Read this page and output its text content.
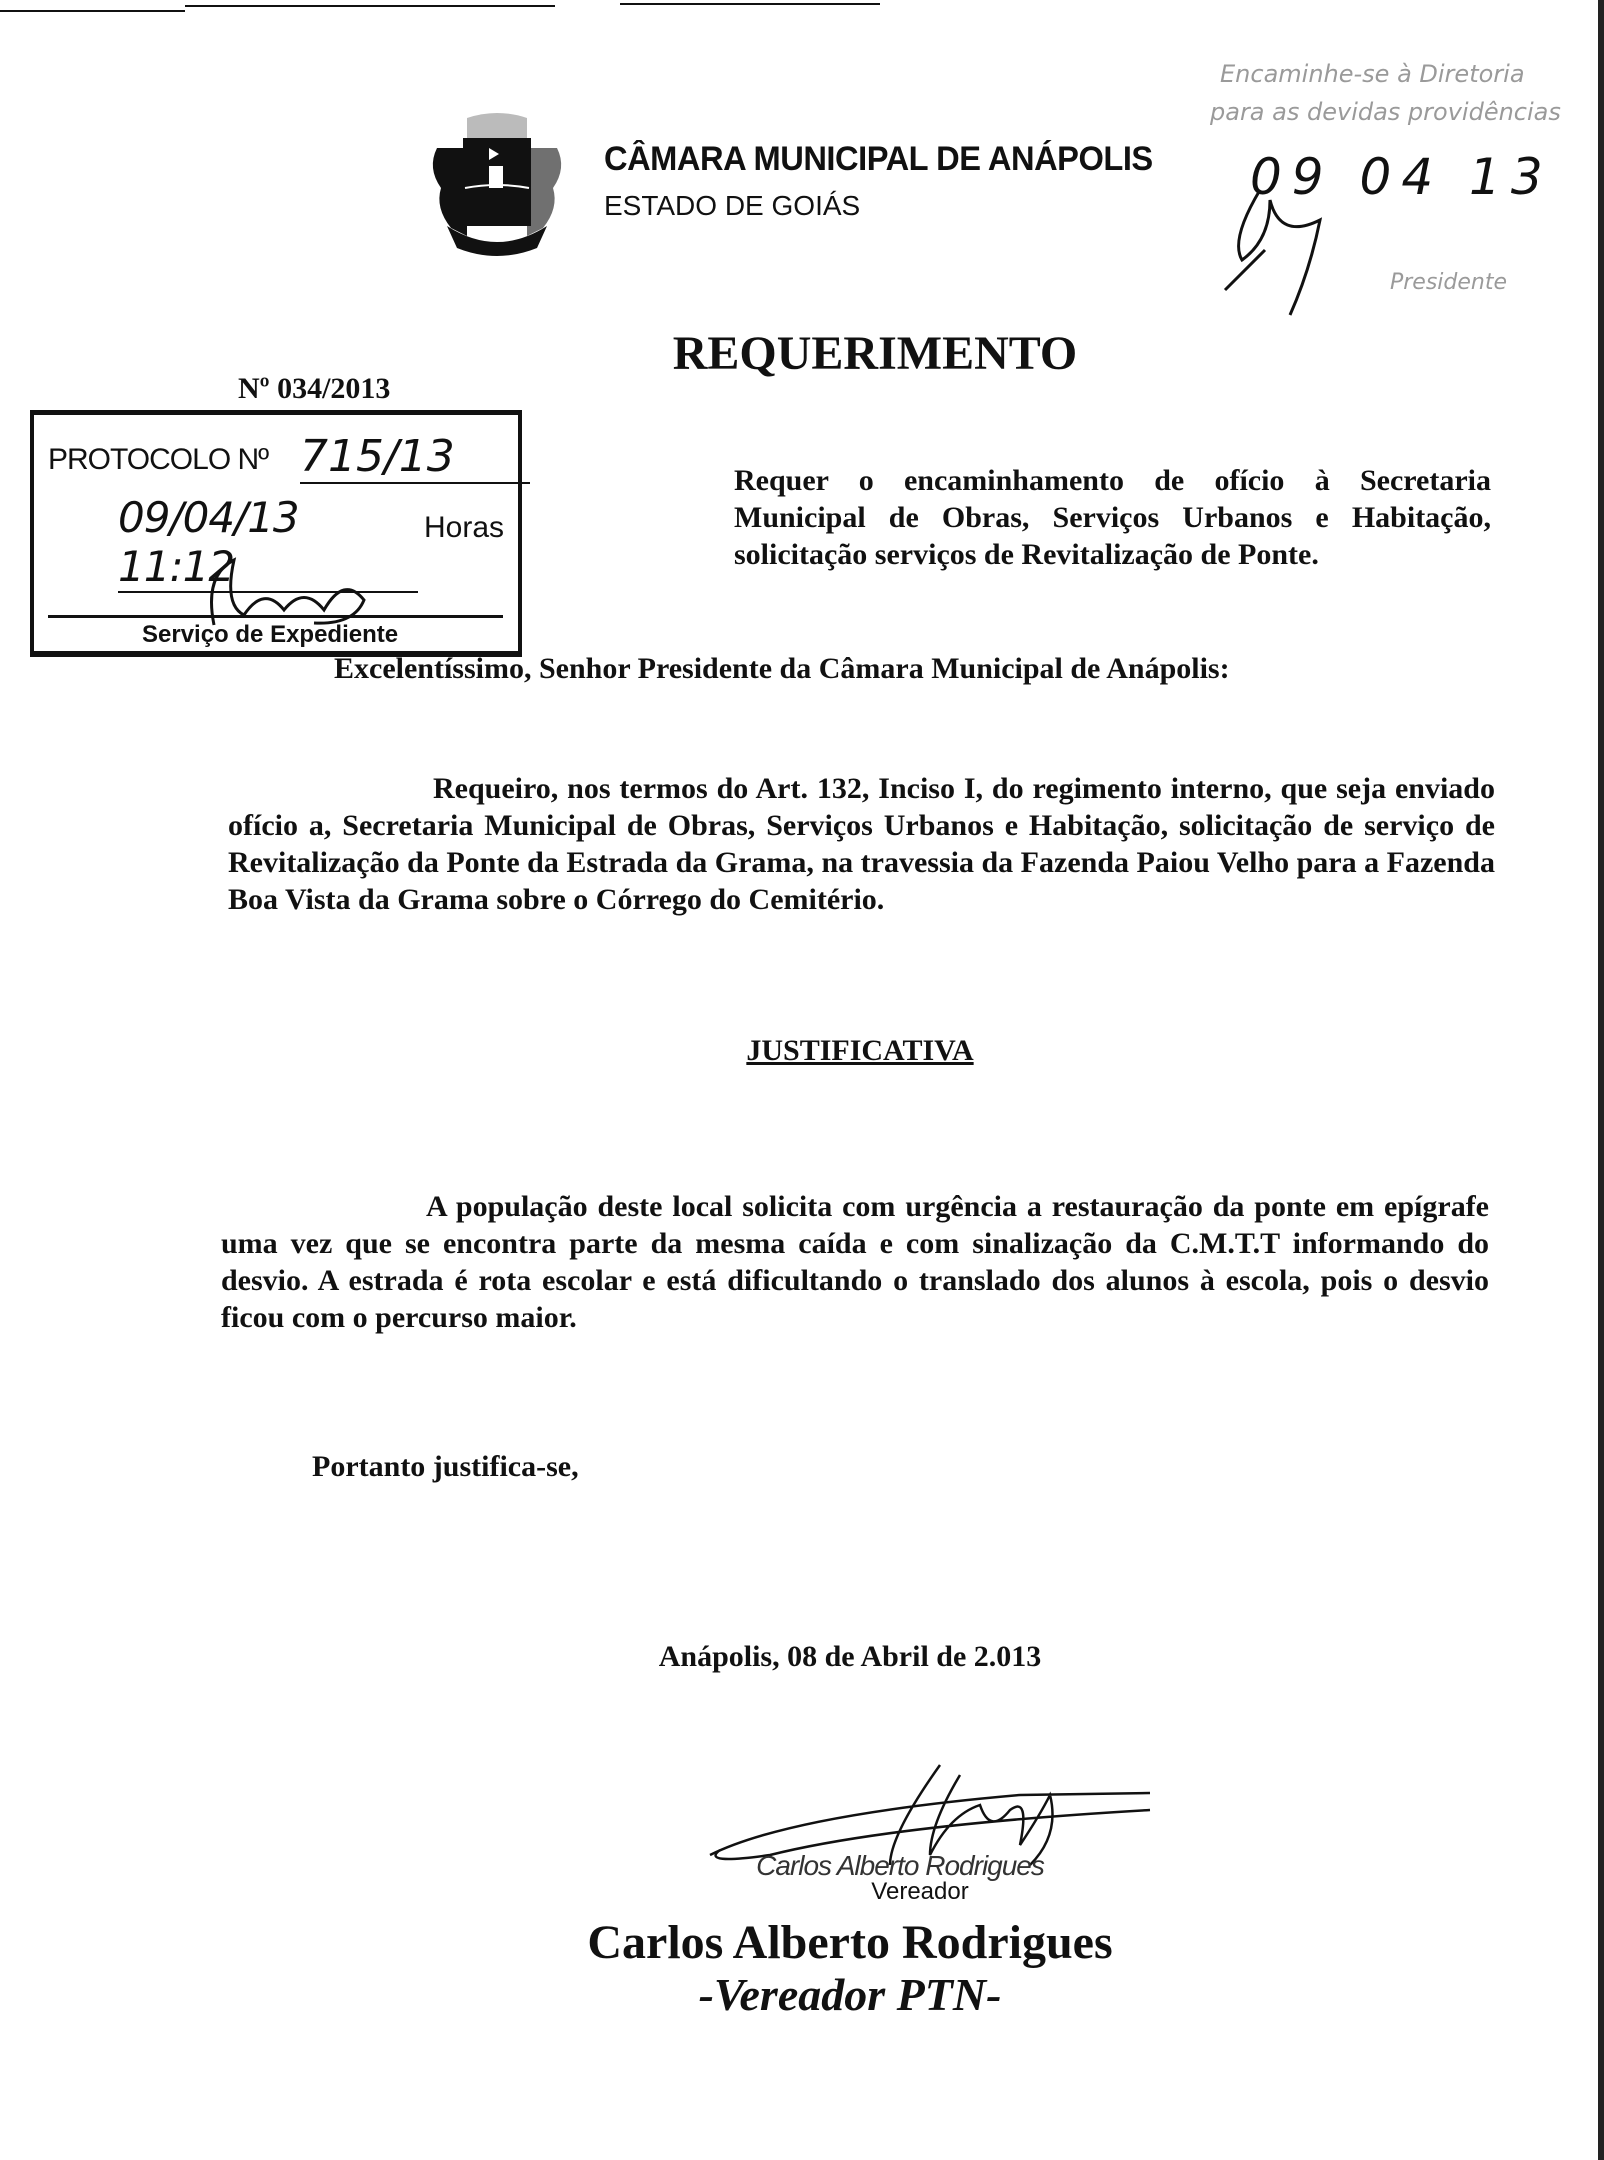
CÂMARA MUNICIPAL DE ANÁPOLIS
ESTADO DE GOIÁS
Encaminhe-se à Diretoria
para as devidas providências
09 04 13
Presidente
REQUERIMENTO
Nº 034/2013
PROTOCOLO Nº 715/13
09/04/13 11:12
Horas
Serviço de Expediente
Requer o encaminhamento de ofício à Secretaria Municipal de Obras, Serviços Urbanos e Habitação, solicitação serviços de Revitalização de Ponte.
Excelentíssimo, Senhor Presidente da Câmara Municipal de Anápolis:
Requeiro, nos termos do Art. 132, Inciso I, do regimento interno, que seja enviado ofício a, Secretaria Municipal de Obras, Serviços Urbanos e Habitação, solicitação de serviço de Revitalização da Ponte da Estrada da Grama, na travessia da Fazenda Paiou Velho para a Fazenda Boa Vista da Grama sobre o Córrego do Cemitério.
JUSTIFICATIVA
A população deste local solicita com urgência a restauração da ponte em epígrafe uma vez que se encontra parte da mesma caída e com sinalização da C.M.T.T informando do desvio. A estrada é rota escolar e está dificultando o translado dos alunos à escola, pois o desvio ficou com o percurso maior.
Portanto justifica-se,
Anápolis, 08 de Abril de 2.013
Carlos Alberto Rodrigues
Vereador
Carlos Alberto Rodrigues
-Vereador PTN-
